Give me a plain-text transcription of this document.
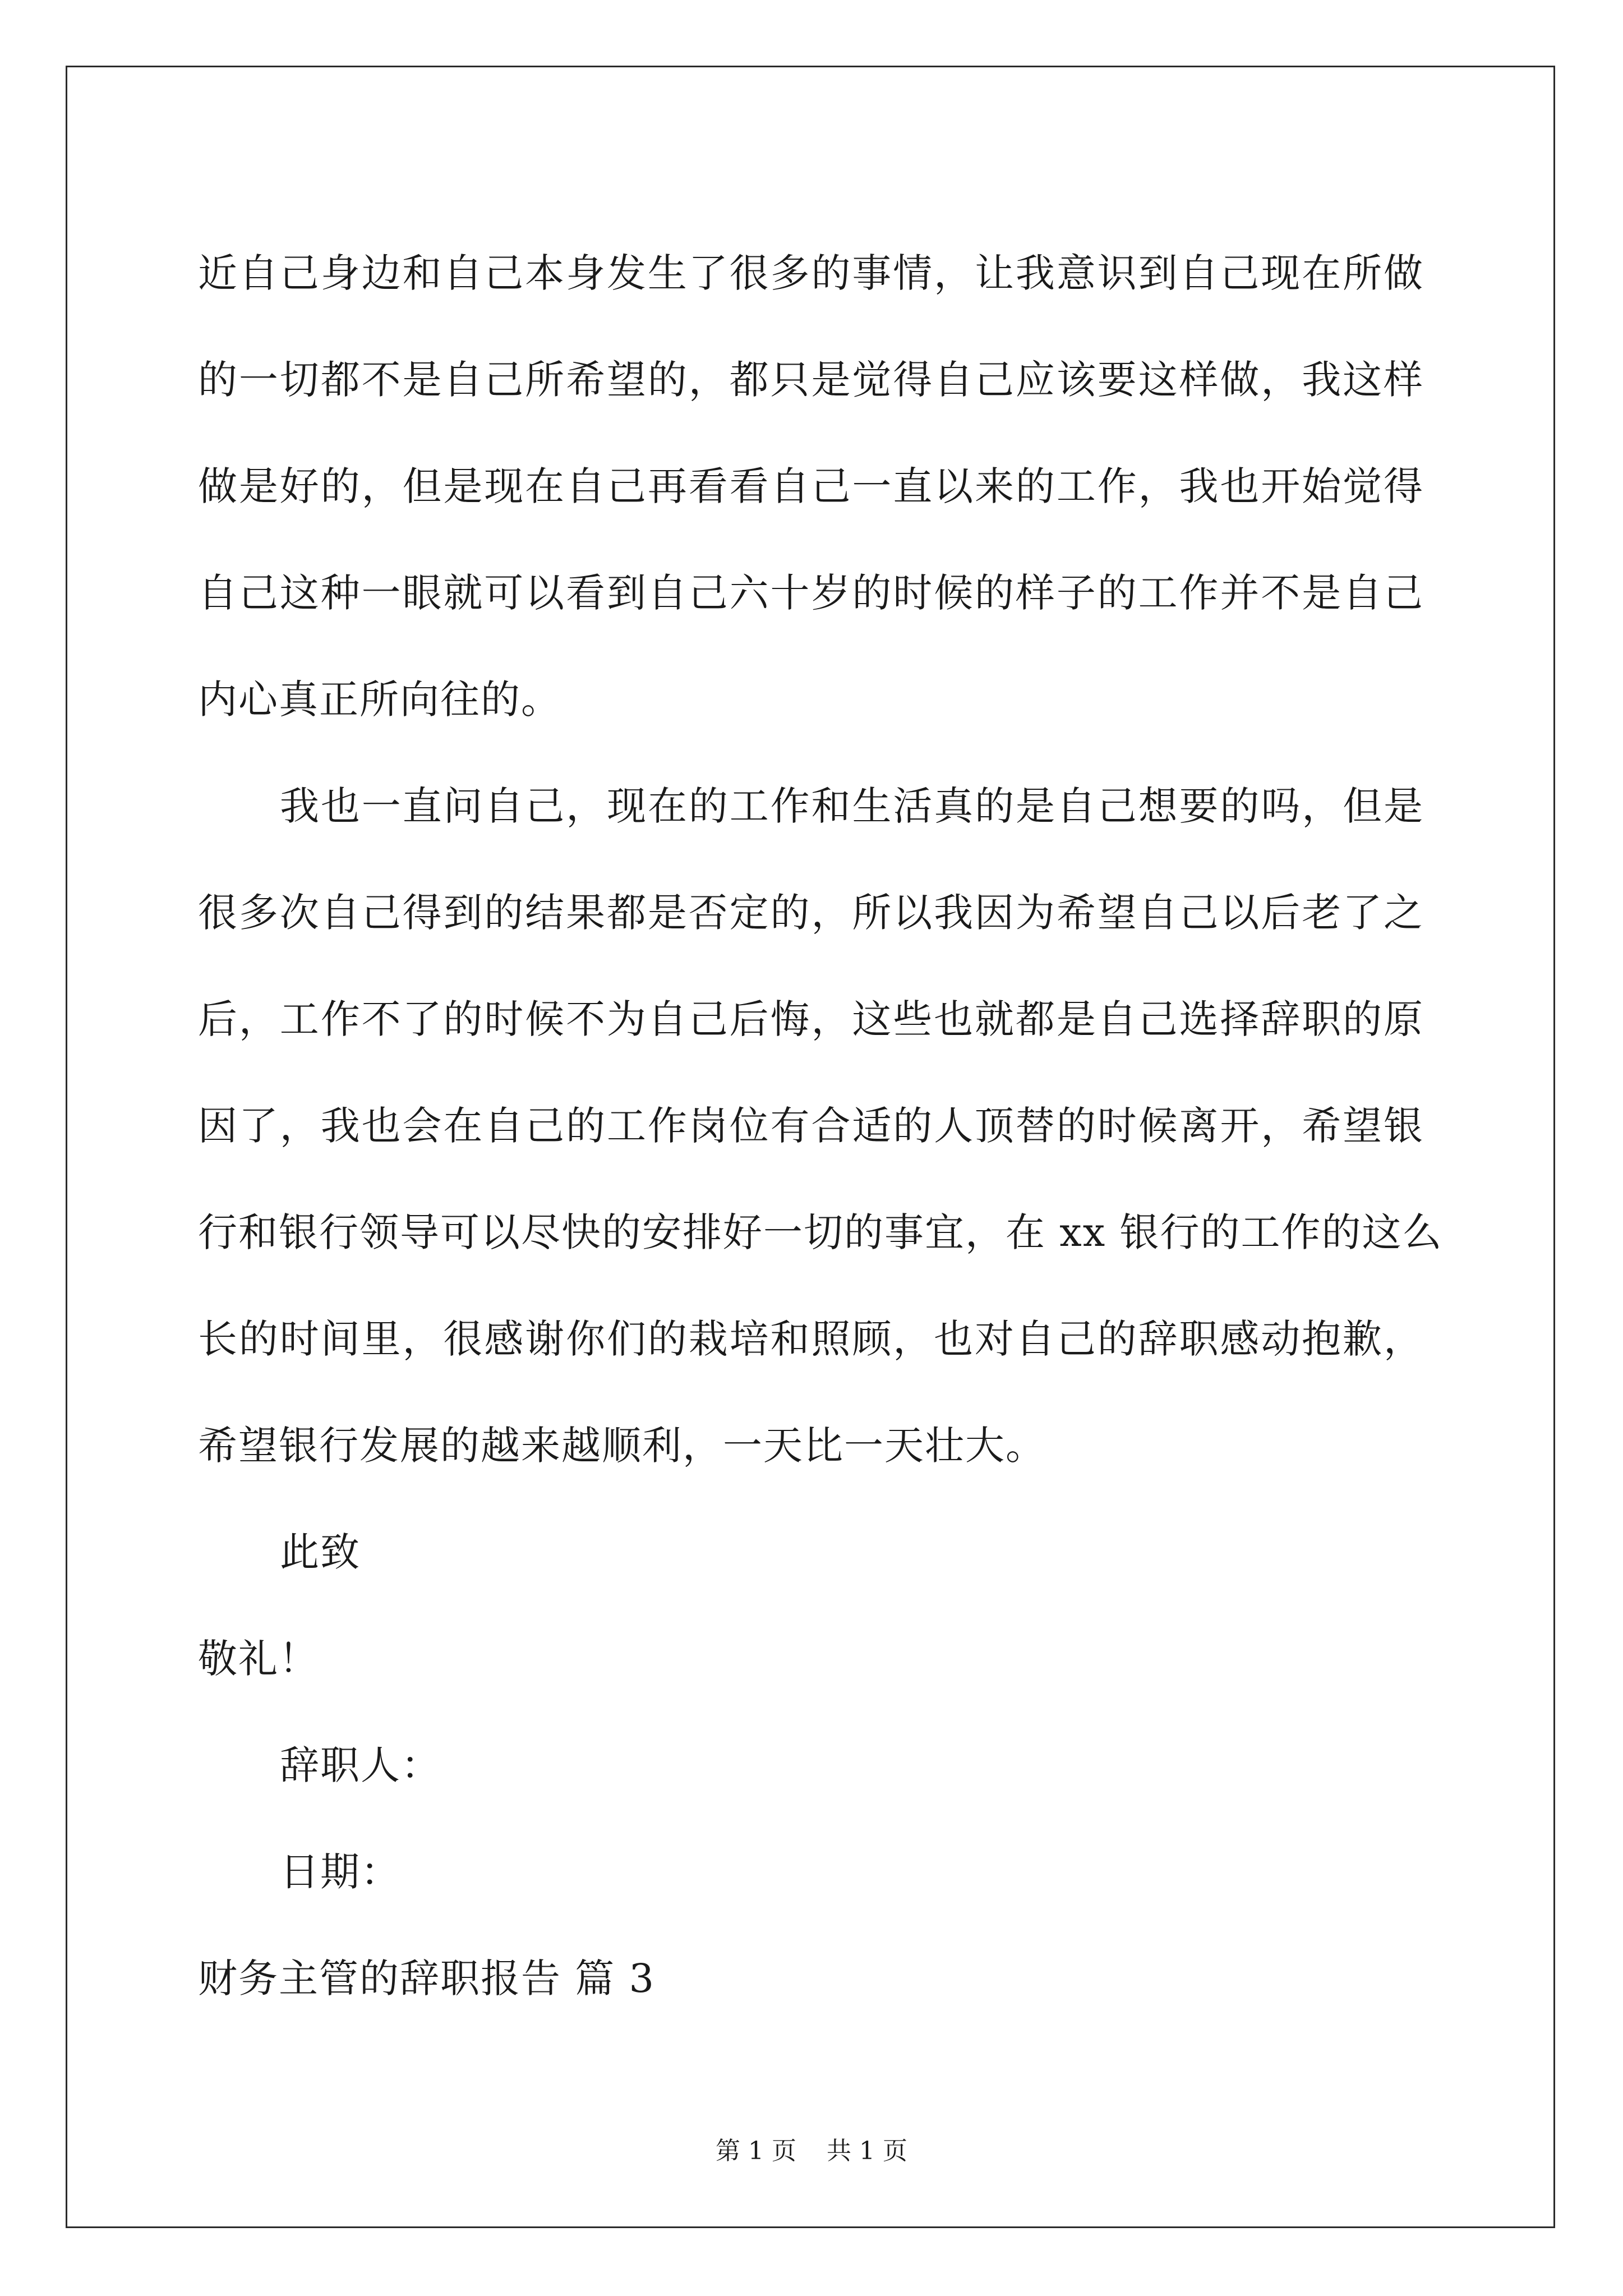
近自己身边和自己本身发生了很多的事情，让我意识到自己现在所做
的一切都不是自己所希望的，都只是觉得自己应该要这样做，我这样
做是好的，但是现在自己再看看自己一直以来的工作，我也开始觉得
自己这种一眼就可以看到自己六十岁的时候的样子的工作并不是自己
内心真正所向往的。
我也一直问自己，现在的工作和生活真的是自己想要的吗，但是
很多次自己得到的结果都是否定的，所以我因为希望自己以后老了之
后，工作不了的时候不为自己后悔，这些也就都是自己选择辞职的原
因了，我也会在自己的工作岗位有合适的人顶替的时候离开，希望银
行和银行领导可以尽快的安排好一切的事宜，在 xx 银行的工作的这么
长的时间里，很感谢你们的栽培和照顾，也对自己的辞职感动抱歉，
希望银行发展的越来越顺利，一天比一天壮大。
此致
敬礼！
辞职人：
日期：
财务主管的辞职报告 篇 3
第 1 页 共 1 页
